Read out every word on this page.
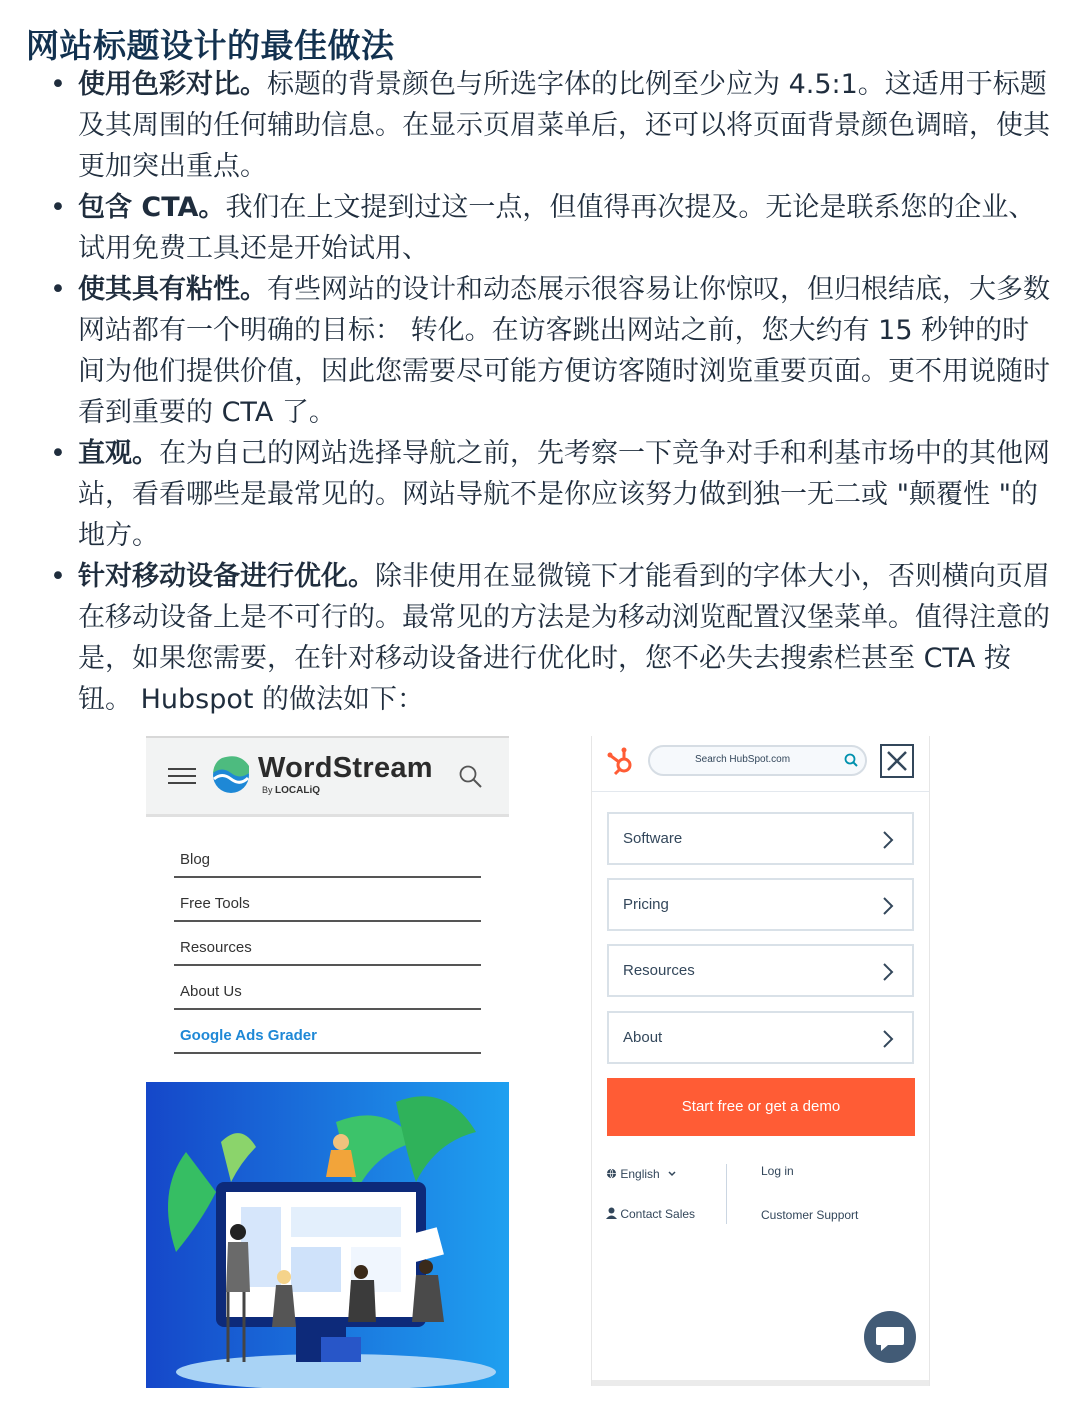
网站标题设计的最佳做法
• 使用色彩对比。标题的背景颜色与所选字体的比例至少应为 4.5:1。这适用于标题及其周围的任何辅助信息。在显示页眉菜单后，还可以将页面背景颜色调暗，使其更加突出重点。
• 包含 CTA。我们在上文提到过这一点，但值得再次提及。无论是联系您的企业、试用免费工具还是开始试用、
• 使其具有粘性。有些网站的设计和动态展示很容易让你惊叹，但归根结底，大多数网站都有一个明确的目标： 转化。在访客跳出网站之前，您大约有 15 秒钟的时间为他们提供价值，因此您需要尽可能方便访客随时浏览重要页面。更不用说随时看到重要的 CTA 了。
• 直观。在为自己的网站选择导航之前，先考察一下竞争对手和利基市场中的其他网站，看看哪些是最常见的。网站导航不是你应该努力做到独一无二或 "颠覆性 "的地方。
• 针对移动设备进行优化。除非使用在显微镜下才能看到的字体大小，否则横向页眉在移动设备上是不可行的。最常见的方法是为移动浏览配置汉堡菜单。值得注意的是，如果您需要，在针对移动设备进行优化时，您不必失去搜索栏甚至 CTA 按钮。 Hubspot 的做法如下：
WordStream
By LOCALiQ
Blog
Free Tools
Resources
About Us
Google Ads Grader
Search HubSpot.com
Software
Pricing
Resources
About
Start free or get a demo
English	Log in
Contact Sales	Customer Support
